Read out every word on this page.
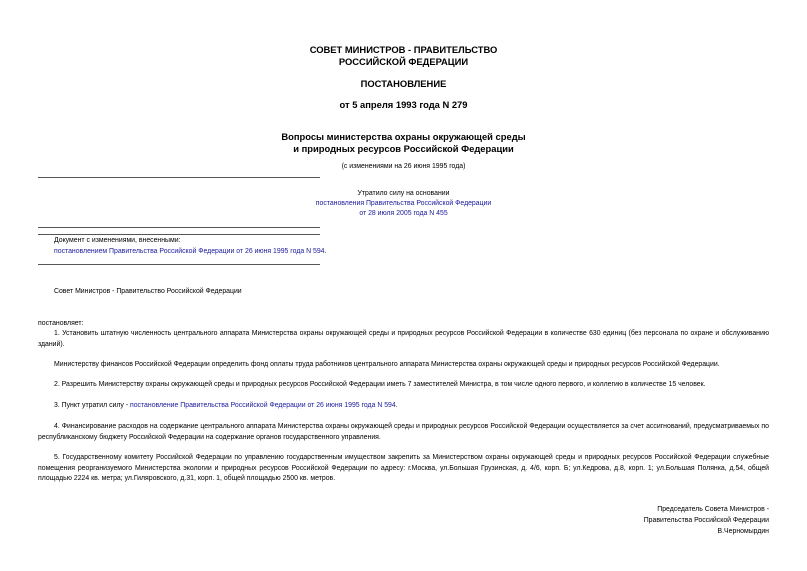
СОВЕТ МИНИСТРОВ - ПРАВИТЕЛЬСТВО
РОССИЙСКОЙ ФЕДЕРАЦИИ
ПОСТАНОВЛЕНИЕ
от 5 апреля 1993 года N 279
Вопросы министерства охраны окружающей среды
и природных ресурсов Российской Федерации
(с изменениями на 26 июня 1995 года)
Утратило силу на основании
постановления Правительства Российской Федерации
от 28 июля 2005 года N 455
Документ с изменениями, внесенными:
постановлением Правительства Российской Федерации от 26 июня 1995 года N 594.
Совет Министров - Правительство Российской Федерации
постановляет:
1. Установить штатную численность центрального аппарата Министерства охраны окружающей среды и природных ресурсов Российской Федерации в количестве 630 единиц (без персонала по охране и обслуживанию зданий).
Министерству финансов Российской Федерации определить фонд оплаты труда работников центрального аппарата Министерства охраны окружающей среды и природных ресурсов Российской Федерации.
2. Разрешить Министерству охраны окружающей среды и природных ресурсов Российской Федерации иметь 7 заместителей Министра, в том числе одного первого, и коллегию в количестве 15 человек.
3. Пункт утратил силу - постановление Правительства Российской Федерации от 26 июня 1995 года N 594.
4. Финансирование расходов на содержание центрального аппарата Министерства охраны окружающей среды и природных ресурсов Российской Федерации осуществляется за счет ассигнований, предусматриваемых по республиканскому бюджету Российской Федерации на содержание органов государственного управления.
5. Государственному комитету Российской Федерации по управлению государственным имуществом закрепить за Министерством охраны окружающей среды и природных ресурсов Российской Федерации служебные помещения реорганизуемого Министерства экологии и природных ресурсов Российской Федерации по адресу: г.Москва, ул.Большая Грузинская, д. 4/6, корп. Б; ул.Кедрова, д.8, корп. 1; ул.Большая Полянка, д.54, общей площадью 2224 кв. метра; ул.Гиляровского, д.31, корп. 1, общей площадью 2500 кв. метров.
Председатель Совета Министров -
Правительства Российской Федерации
В.Черномырдин
